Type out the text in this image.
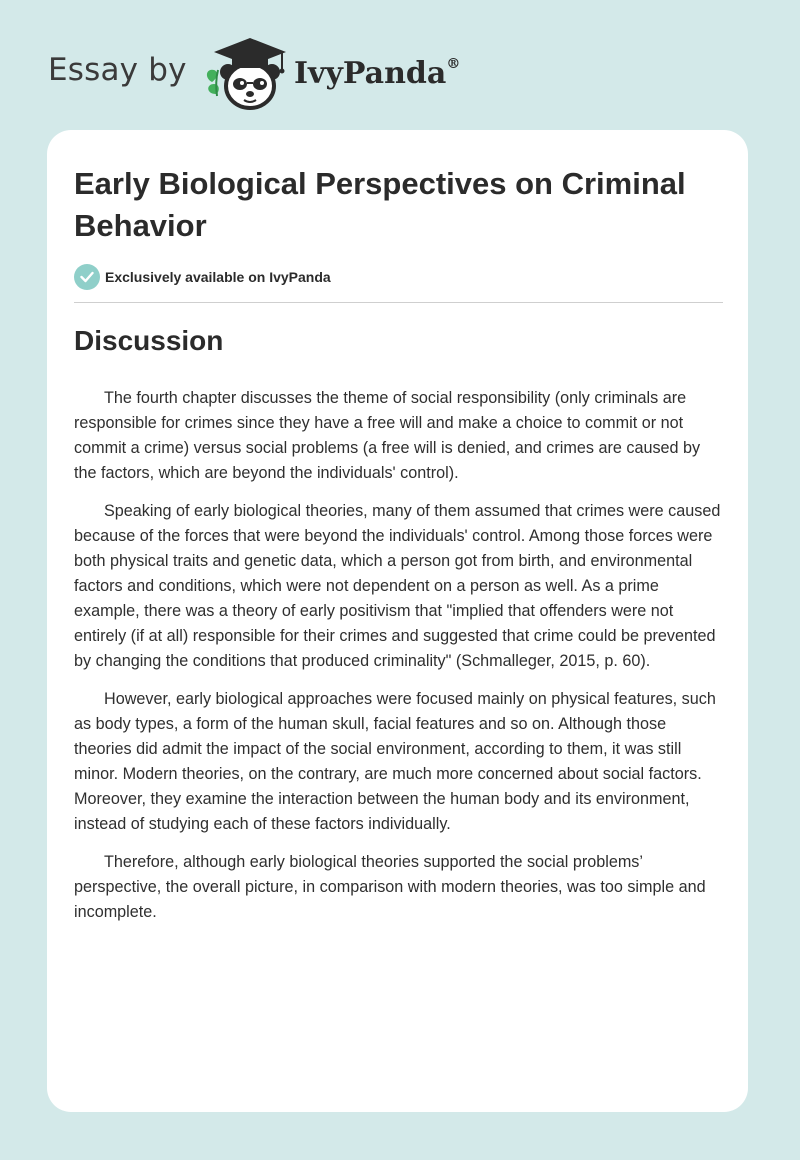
Essay by	IvyPanda®
Early Biological Perspectives on Criminal Behavior
Exclusively available on IvyPanda
Discussion

The fourth chapter discusses the theme of social responsibility (only criminals are responsible for crimes since they have a free will and make a choice to commit or not commit a crime) versus social problems (a free will is denied, and crimes are caused by the factors, which are beyond the individuals' control).

Speaking of early biological theories, many of them assumed that crimes were caused because of the forces that were beyond the individuals' control. Among those forces were both physical traits and genetic data, which a person got from birth, and environmental factors and conditions, which were not dependent on a person as well. As a prime example, there was a theory of early positivism that "implied that offenders were not entirely (if at all) responsible for their crimes and suggested that crime could be prevented by changing the conditions that produced criminality" (Schmalleger, 2015, p. 60).

However, early biological approaches were focused mainly on physical features, such as body types, a form of the human skull, facial features and so on. Although those theories did admit the impact of the social environment, according to them, it was still minor. Modern theories, on the contrary, are much more concerned about social factors. Moreover, they examine the interaction between the human body and its environment, instead of studying each of these factors individually.

Therefore, although early biological theories supported the social problems’ perspective, the overall picture, in comparison with modern theories, was too simple and incomplete.
